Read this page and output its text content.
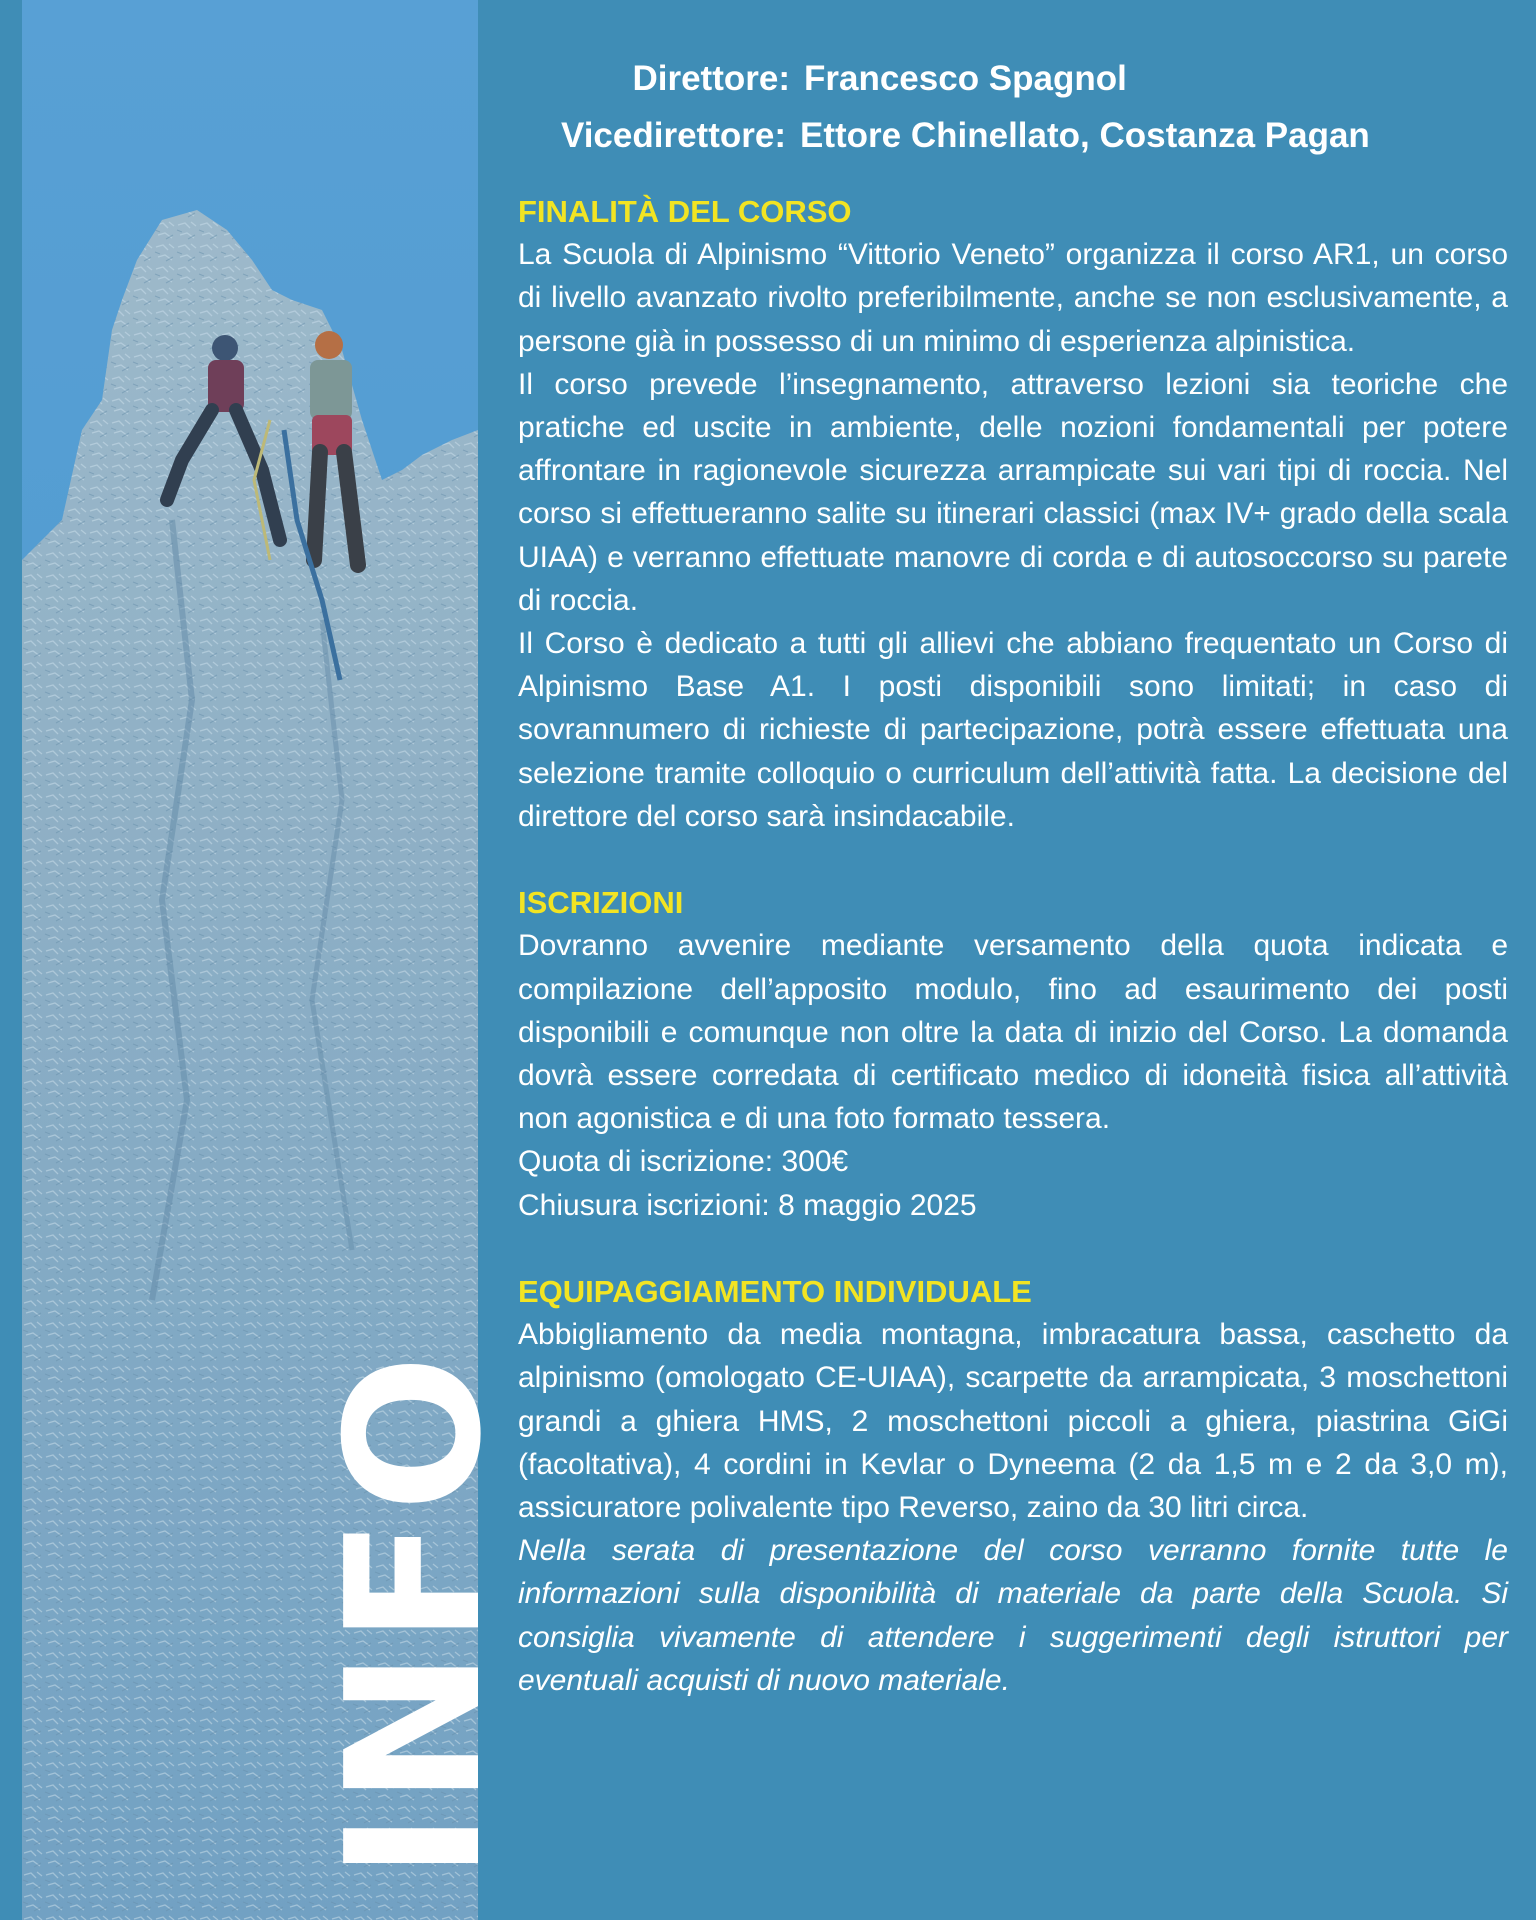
INFO
Direttore: Francesco Spagnol
Vicedirettore: Ettore Chinellato, Costanza Pagan

FINALITÀ DEL CORSO

La Scuola di Alpinismo “Vittorio Veneto” organizza il corso AR1, un corso di livello avanzato rivolto preferibilmente, anche se non esclusivamente, a persone già in possesso di un minimo di esperienza alpinistica.

Il corso prevede l’insegnamento, attraverso lezioni sia teoriche che pratiche ed uscite in ambiente, delle nozioni fondamentali per potere affrontare in ragionevole sicurezza arrampicate sui vari tipi di roccia. Nel corso si effettueranno salite su itinerari classici (max IV+ grado della scala UIAA) e verranno effettuate manovre di corda e di autosoccorso su parete di roccia.

Il Corso è dedicato a tutti gli allievi che abbiano frequentato un Corso di Alpinismo Base A1. I posti disponibili sono limitati; in caso di sovrannumero di richieste di partecipazione, potrà essere effettuata una selezione tramite colloquio o curriculum dell’attività fatta. La decisione del direttore del corso sarà insindacabile.

ISCRIZIONI

Dovranno avvenire mediante versamento della quota indicata e compilazione dell’apposito modulo, fino ad esaurimento dei posti disponibili e comunque non oltre la data di inizio del Corso. La domanda dovrà essere corredata di certificato medico di idoneità fisica all’attività non agonistica e di una foto formato tessera.

Quota di iscrizione: 300€

Chiusura iscrizioni: 8 maggio 2025

EQUIPAGGIAMENTO INDIVIDUALE

Abbigliamento da media montagna, imbracatura bassa, caschetto da alpinismo (omologato CE-UIAA), scarpette da arrampicata, 3 moschettoni grandi a ghiera HMS, 2 moschettoni piccoli a ghiera, piastrina GiGi (facoltativa), 4 cordini in Kevlar o Dyneema (2 da 1,5 m e 2 da 3,0 m), assicuratore polivalente tipo Reverso, zaino da 30 litri circa.

Nella serata di presentazione del corso verranno fornite tutte le informazioni sulla disponibilità di materiale da parte della Scuola. Si consiglia vivamente di attendere i suggerimenti degli istruttori per eventuali acquisti di nuovo materiale.
